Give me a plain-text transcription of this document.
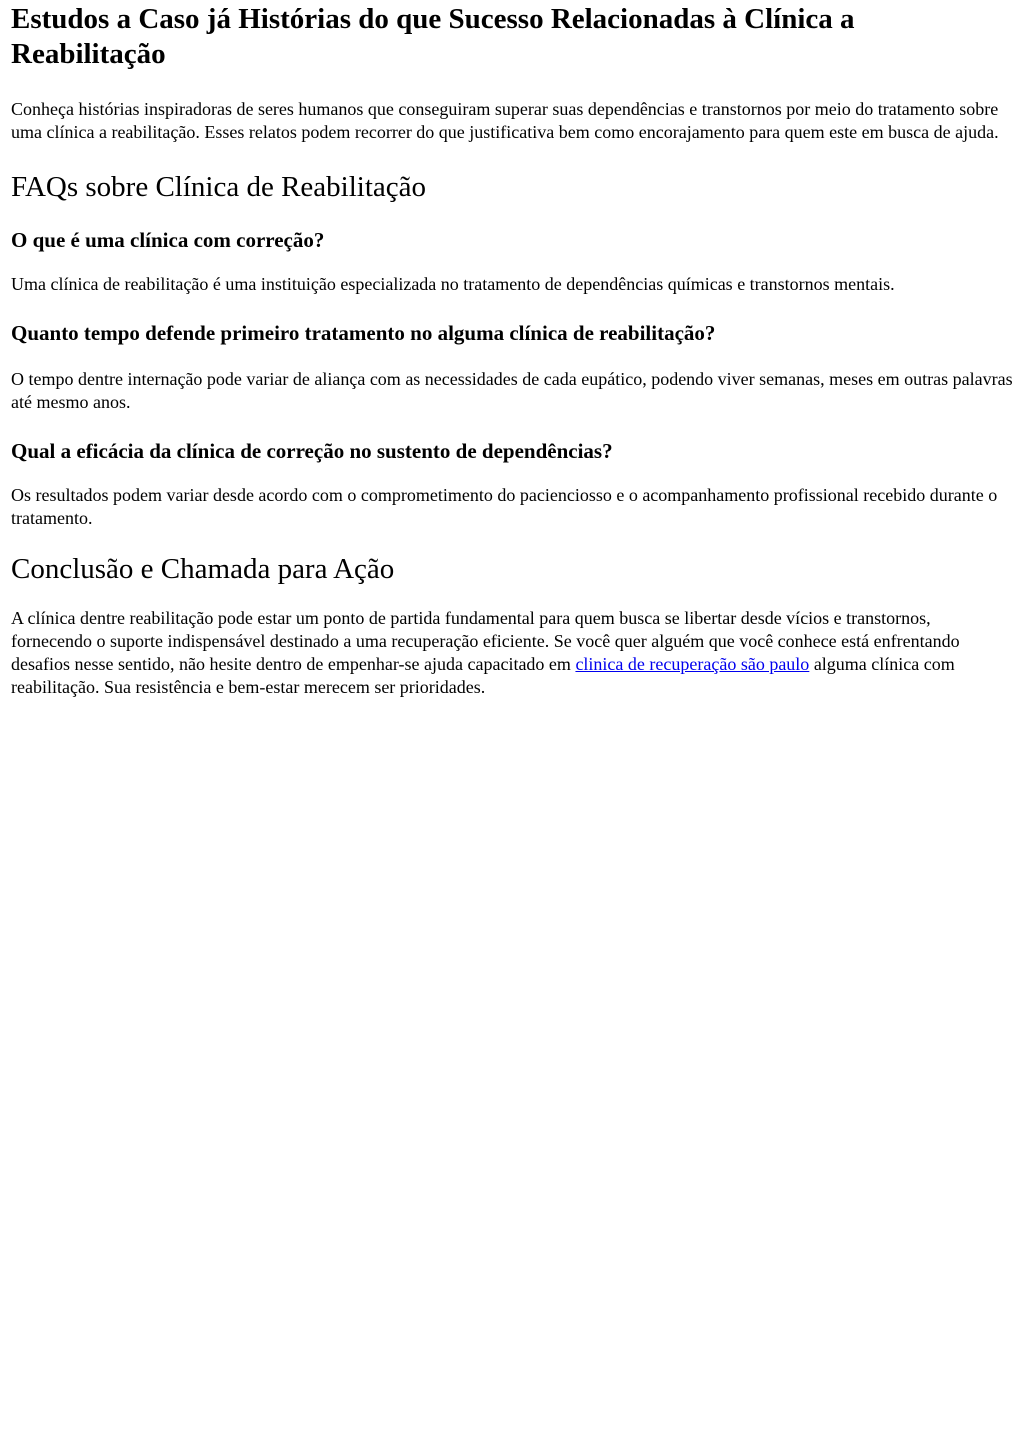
Estudos a Caso já Histórias do que Sucesso Relacionadas à Clínica a Reabilitação

Conheça histórias inspiradoras de seres humanos que conseguiram superar suas dependências e transtornos por meio do tratamento sobre uma clínica a reabilitação. Esses relatos podem recorrer do que justificativa bem como encorajamento para quem este em busca de ajuda.

FAQs sobre Clínica de Reabilitação
O que é uma clínica com correção?

Uma clínica de reabilitação é uma instituição especializada no tratamento de dependências químicas e transtornos mentais.

Quanto tempo defende primeiro tratamento no alguma clínica de reabilitação?

O tempo dentre internação pode variar de aliança com as necessidades de cada eupático, podendo viver semanas, meses em outras palavras até mesmo anos.

Qual a eficácia da clínica de correção no sustento de dependências?

Os resultados podem variar desde acordo com o comprometimento do pacienciosso e o acompanhamento profissional recebido durante o tratamento.

Conclusão e Chamada para Ação

A clínica dentre reabilitação pode estar um ponto de partida fundamental para quem busca se libertar desde vícios e transtornos, fornecendo o suporte indispensável destinado a uma recuperação eficiente. Se você quer alguém que você conhece está enfrentando desafios nesse sentido, não hesite dentro de empenhar-se ajuda capacitado em clinica de recuperação são paulo alguma clínica com reabilitação. Sua resistência e bem-estar merecem ser prioridades.
